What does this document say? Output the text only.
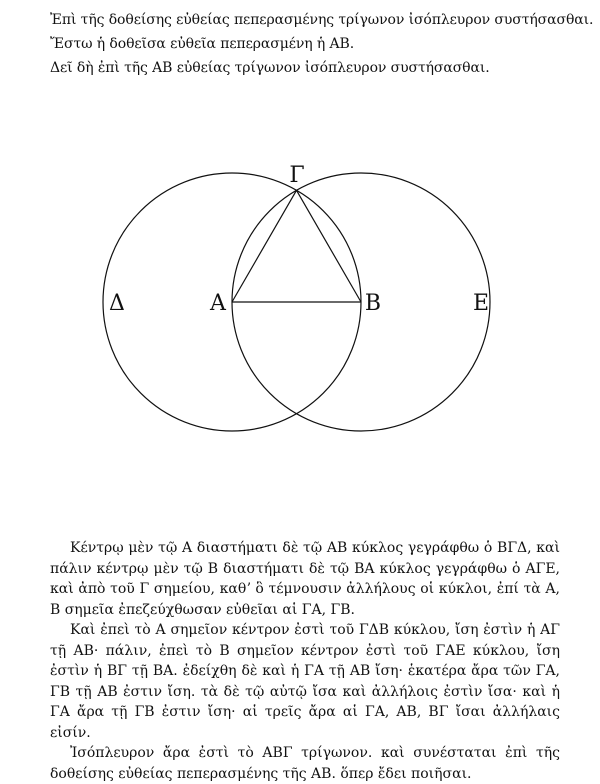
Ἐπὶ τῆς δοθείσης εὐθείας πεπερασμένης τρίγωνον ἰσόπλευρον συστήσασθαι.
Ἔστω ἡ δοθεῖσα εὐθεῖα πεπερασμένη ἡ ΑΒ.
Δεῖ δὴ ἐπὶ τῆς ΑΒ εὐθείας τρίγωνον ἰσόπλευρον συστήσασθαι.
Γ
Δ	Α	Β	Ε

Κέντρῳ μὲν τῷ Α διαστήματι δὲ τῷ ΑΒ κύκλος γεγράφθω ὁ ΒΓΔ, καὶ πάλιν κέντρῳ μὲν τῷ Β διαστήματι δὲ τῷ ΒΑ κύκλος γεγράφθω ὁ ΑΓΕ, καὶ ἀπὸ τοῦ Γ σημείου, καθʼ ὃ τέμνουσιν ἀλλήλους οἱ κύκλοι, ἐπί τὰ Α, Β σημεῖα ἐπεζεύχθωσαν εὐθεῖαι αἱ ΓΑ, ΓΒ.

Καὶ ἐπεὶ τὸ Α σημεῖον κέντρον ἐστὶ τοῦ ΓΔΒ κύκλου, ἴση ἐστὶν ἡ ΑΓ τῇ ΑΒ· πάλιν, ἐπεὶ τὸ Β σημεῖον κέντρον ἐστὶ τοῦ ΓΑΕ κύκλου, ἴση ἐστὶν ἡ ΒΓ τῇ ΒΑ. ἐδείχθη δὲ καὶ ἡ ΓΑ τῇ ΑΒ ἴση· ἑκατέρα ἄρα τῶν ΓΑ, ΓΒ τῇ ΑΒ ἐστιν ἴση. τὰ δὲ τῷ αὐτῷ ἴσα καὶ ἀλλήλοις ἐστὶν ἴσα· καὶ ἡ ΓΑ ἄρα τῇ ΓΒ ἐστιν ἴση· αἱ τρεῖς ἄρα αἱ ΓΑ, ΑΒ, ΒΓ ἴσαι ἀλλήλαις εἰσίν.

Ἰσόπλευρον ἄρα ἐστὶ τὸ ΑΒΓ τρίγωνον. καὶ συνέσταται ἐπὶ τῆς δοθείσης εὐθείας πεπερασμένης τῆς ΑΒ. ὅπερ ἔδει ποιῆσαι.
